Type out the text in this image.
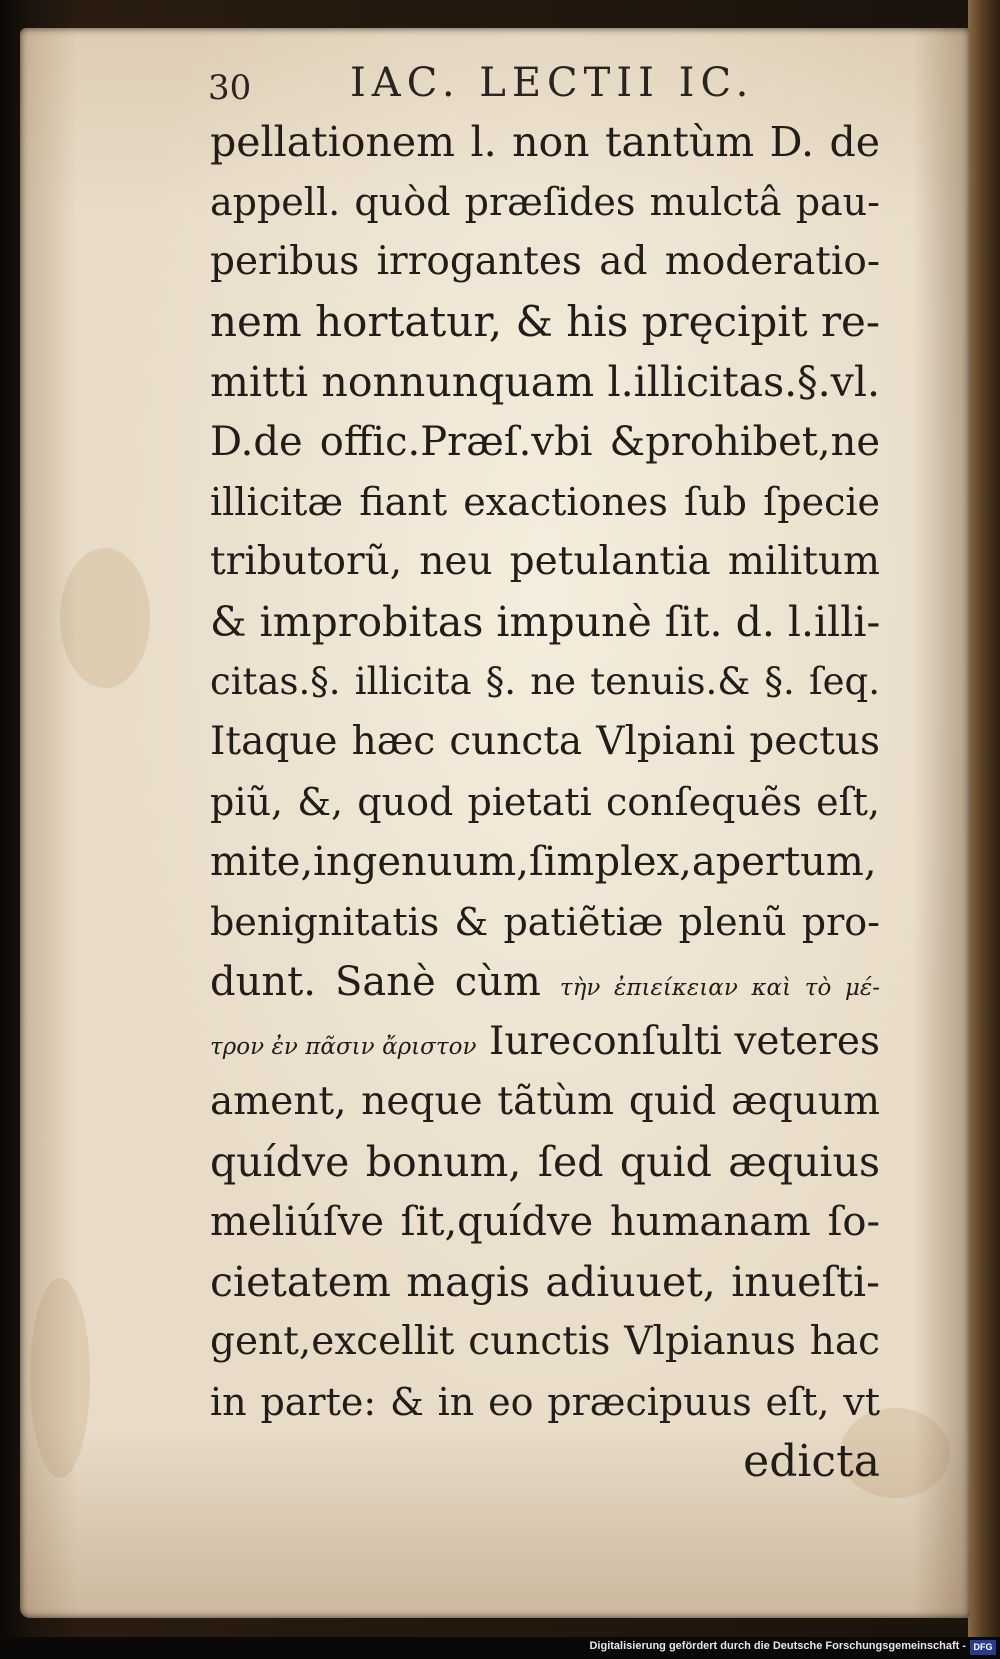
30 IAC. LECTII IC.
pellationem l. non tantùm D. de
appell. quòd præſides mulctâ pau-
peribus irrogantes ad moderatio-
nem hortatur, & his pręcipit re-
mitti nonnunquam l.illicitas.§.vl.
D.de offic.Præſ.vbi &prohibet,ne
illicitæ fiant exactiones ſub ſpecie
tributorũ, neu petulantia militum
& improbitas impunè ſit. d. l.illi-
citas.§. illicita §. ne tenuis.& §. ſeq.
Itaque hæc cuncta Vlpiani pectus
piũ, &, quod pietati conſequẽs eſt,
mite,ingenuum,ſimplex,apertum,
benignitatis & patiẽtiæ plenũ pro-
dunt. Sanè cùm τὴν ἐπιείκειαν καὶ τὸ μέ-
τρον ἐν πᾶσιν ἄριστον Iureconſulti veteres
ament, neque tãtùm quid æquum
quídve bonum, ſed quid æquius
meliúſve ſit,quídve humanam ſo-
cietatem magis adiuuet, inueſti-
gent,excellit cunctis Vlpianus hac
in parte: & in eo præcipuus eſt, vt
edicta
Digitalisierung gefördert durch die Deutsche Forschungsgemeinschaft - DFG
